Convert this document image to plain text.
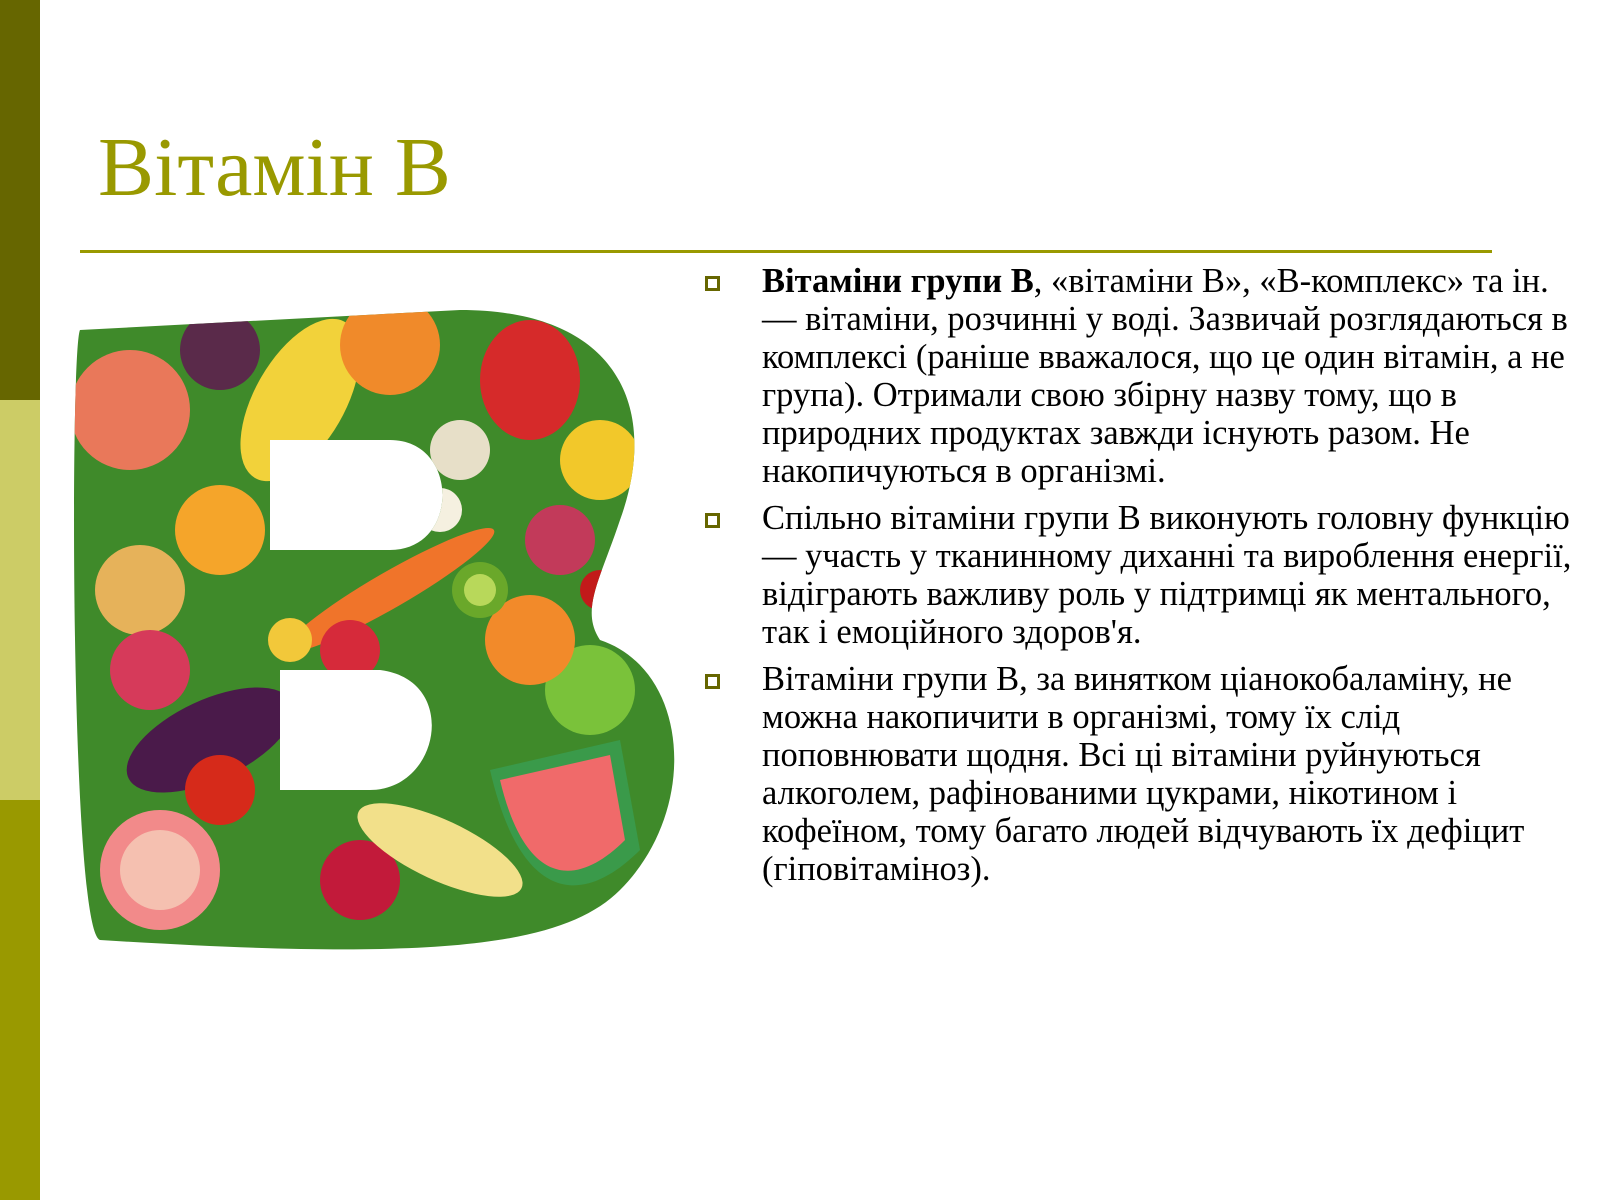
Вітамін В
Вітаміни групи В, «вітаміни В», «B-комплекс» та ін. — вітаміни, розчинні у воді. Зазвичай розглядаються в комплексі (раніше вважалося, що це один вітамін, а не група). Отримали свою збірну назву тому, що в природних продуктах завжди існують разом. Не накопичуються в організмі.
Спільно вітаміни групи В виконують головну функцію — участь у тканинному диханні та вироблення енергії, відіграють важливу роль у підтримці як ментального, так і емоційного здоров'я.
Вітаміни групи В, за винятком ціанокобаламіну, не можна накопичити в організмі, тому їх слід поповнювати щодня. Всі ці вітаміни руйнуються алкоголем, рафінованими цукрами, нікотином і кофеїном, тому багато людей відчувають їх дефіцит (гіповітаміноз).
